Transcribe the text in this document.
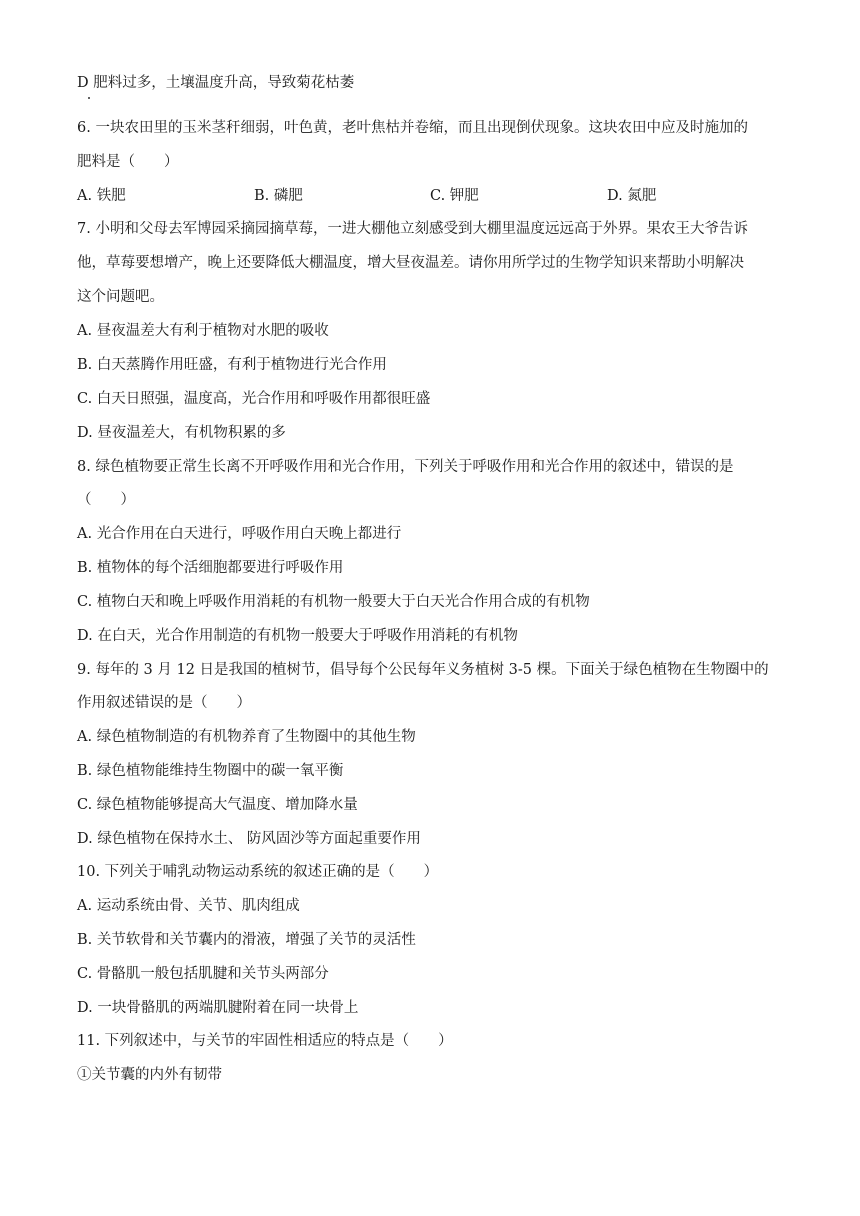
D 肥料过多，土壤温度升高，导致菊花枯萎
6. 一块农田里的玉米茎秆细弱，叶色黄，老叶焦枯并卷缩，而且出现倒伏现象。这块农田中应及时施加的
肥料是（　　）
A. 铁肥	B. 磷肥	C. 钾肥	D. 氮肥
7. 小明和父母去军博园采摘园摘草莓，一进大棚他立刻感受到大棚里温度远远高于外界。果农王大爷告诉
他，草莓要想增产，晚上还要降低大棚温度，增大昼夜温差。请你用所学过的生物学知识来帮助小明解决
这个问题吧。
A. 昼夜温差大有利于植物对水肥的吸收
B. 白天蒸腾作用旺盛，有利于植物进行光合作用
C. 白天日照强，温度高，光合作用和呼吸作用都很旺盛
D. 昼夜温差大，有机物积累的多
8. 绿色植物要正常生长离不开呼吸作用和光合作用，下列关于呼吸作用和光合作用的叙述中，错误的是
（　　）
A. 光合作用在白天进行，呼吸作用白天晚上都进行
B. 植物体的每个活细胞都要进行呼吸作用
C. 植物白天和晚上呼吸作用消耗的有机物一般要大于白天光合作用合成的有机物
D. 在白天，光合作用制造的有机物一般要大于呼吸作用消耗的有机物
9. 每年的 3 月 12 日是我国的植树节，倡导每个公民每年义务植树 3-5 棵。下面关于绿色植物在生物圈中的
作用叙述错误的是（　　）
A. 绿色植物制造的有机物养育了生物圈中的其他生物
B. 绿色植物能维持生物圈中的碳一氧平衡
C. 绿色植物能够提高大气温度、增加降水量
D. 绿色植物在保持水土、 防风固沙等方面起重要作用
10. 下列关于哺乳动物运动系统的叙述正确的是（　　）
A. 运动系统由骨、关节、肌肉组成
B. 关节软骨和关节囊内的滑液，增强了关节的灵活性
C. 骨骼肌一般包括肌腱和关节头两部分
D. 一块骨骼肌的两端肌腱附着在同一块骨上
11. 下列叙述中，与关节的牢固性相适应的特点是（　　）
①关节囊的内外有韧带
